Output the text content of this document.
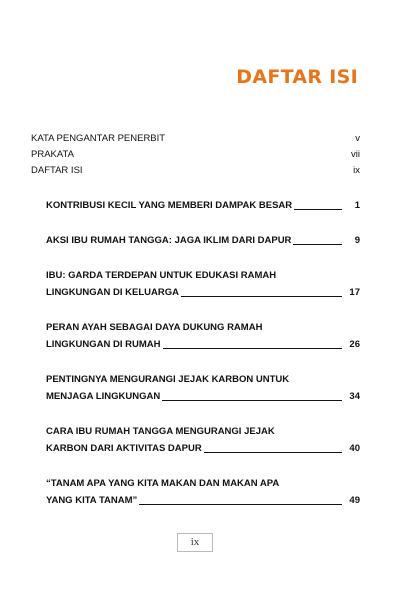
DAFTAR ISI
KATA PENGANTAR PENERBIT	v
PRAKATA	vii
DAFTAR ISI	ix
KONTRIBUSI KECIL YANG MEMBERI DAMPAK BESAR	1
AKSI IBU RUMAH TANGGA: JAGA IKLIM DARI DAPUR	9
IBU: GARDA TERDEPAN UNTUK EDUKASI RAMAH
LINGKUNGAN DI KELUARGA	17
PERAN AYAH SEBAGAI DAYA DUKUNG RAMAH
LINGKUNGAN DI RUMAH	26
PENTINGNYA MENGURANGI JEJAK KARBON UNTUK
MENJAGA LINGKUNGAN	34
CARA IBU RUMAH TANGGA MENGURANGI JEJAK
KARBON DARI AKTIVITAS DAPUR	40
“TANAM APA YANG KITA MAKAN DAN MAKAN APA
YANG KITA TANAM”	49
ix
